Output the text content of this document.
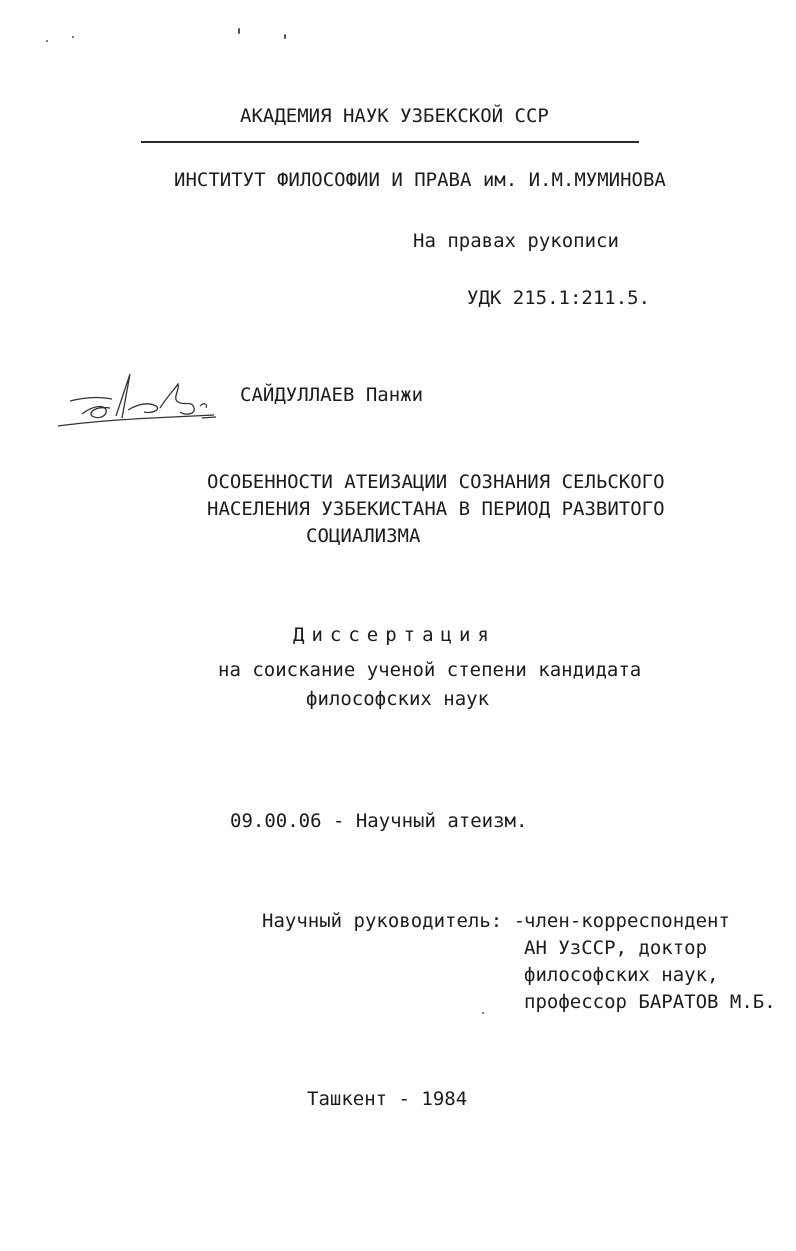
АКАДЕМИЯ НАУК УЗБЕКСКОЙ ССР
ИНСТИТУТ ФИЛОСОФИИ И ПРАВА им. И.М.МУМИНОВА
На правах рукописи
УДК 215.1:211.5.
САЙДУЛЛАЕВ Панжи
ОСОБЕННОСТИ АТЕИЗАЦИИ СОЗНАНИЯ СЕЛЬСКОГО
НАСЕЛЕНИЯ УЗБЕКИСТАНА В ПЕРИОД РАЗВИТОГО
СОЦИАЛИЗМА
Диссертация
на соискание ученой степени кандидата
философских наук
09.00.06 - Научный атеизм.
Научный руководитель: -
член-корреспондент
АН УзССР, доктор
философских наук,
профессор БАРАТОВ М.Б.
Ташкент - 1984
